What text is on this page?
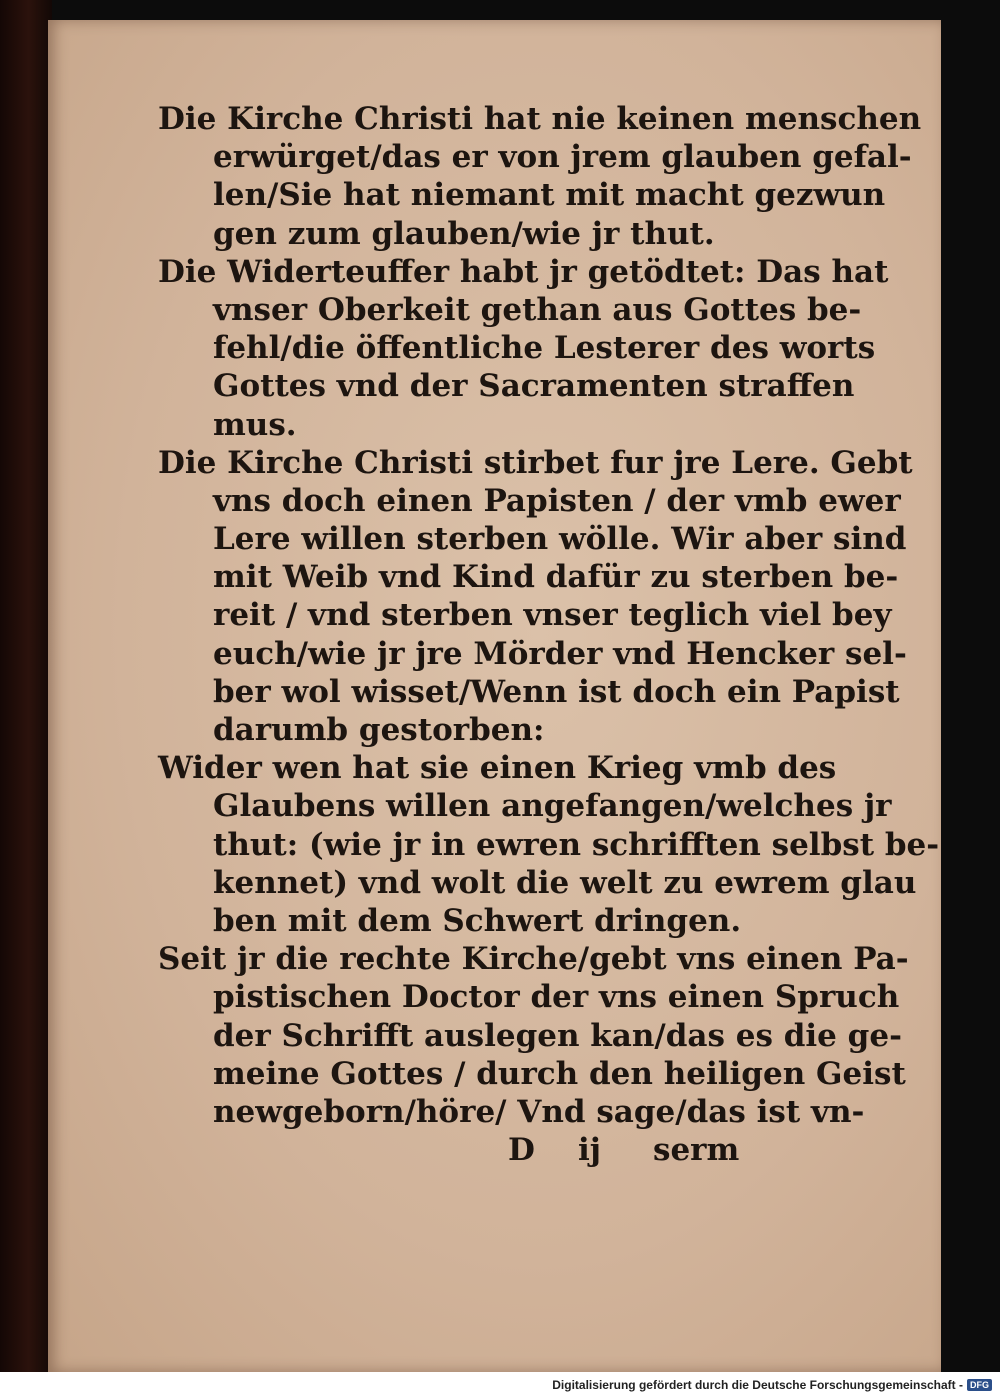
Die Kirche Christi hat nie keinen menschen
erwürget/das er von jrem glauben gefal-
len/Sie hat niemant mit macht gezwun
gen zum glauben/wie jr thut.
Die Widerteuffer habt jr getödtet: Das hat
vnser Oberkeit gethan aus Gottes be-
fehl/die öffentliche Lesterer des worts
Gottes vnd der Sacramenten straffen
mus.
Die Kirche Christi stirbet fur jre Lere. Gebt
vns doch einen Papisten / der vmb ewer
Lere willen sterben wölle. Wir aber sind
mit Weib vnd Kind dafür zu sterben be-
reit / vnd sterben vnser teglich viel bey
euch/wie jr jre Mörder vnd Hencker sel-
ber wol wisset/Wenn ist doch ein Papist
darumb gestorben:
Wider wen hat sie einen Krieg vmb des
Glaubens willen angefangen/welches jr
thut: (wie jr in ewren schrifften selbst be-
kennet) vnd wolt die welt zu ewrem glau
ben mit dem Schwert dringen.
Seit jr die rechte Kirche/gebt vns einen Pa-
pistischen Doctor der vns einen Spruch
der Schrifft auslegen kan/das es die ge-
meine Gottes / durch den heiligen Geist
newgeborn/höre/ Vnd sage/das ist vn-
D ij serm
Digitalisierung gefördert durch die Deutsche Forschungsgemeinschaft - DFG
